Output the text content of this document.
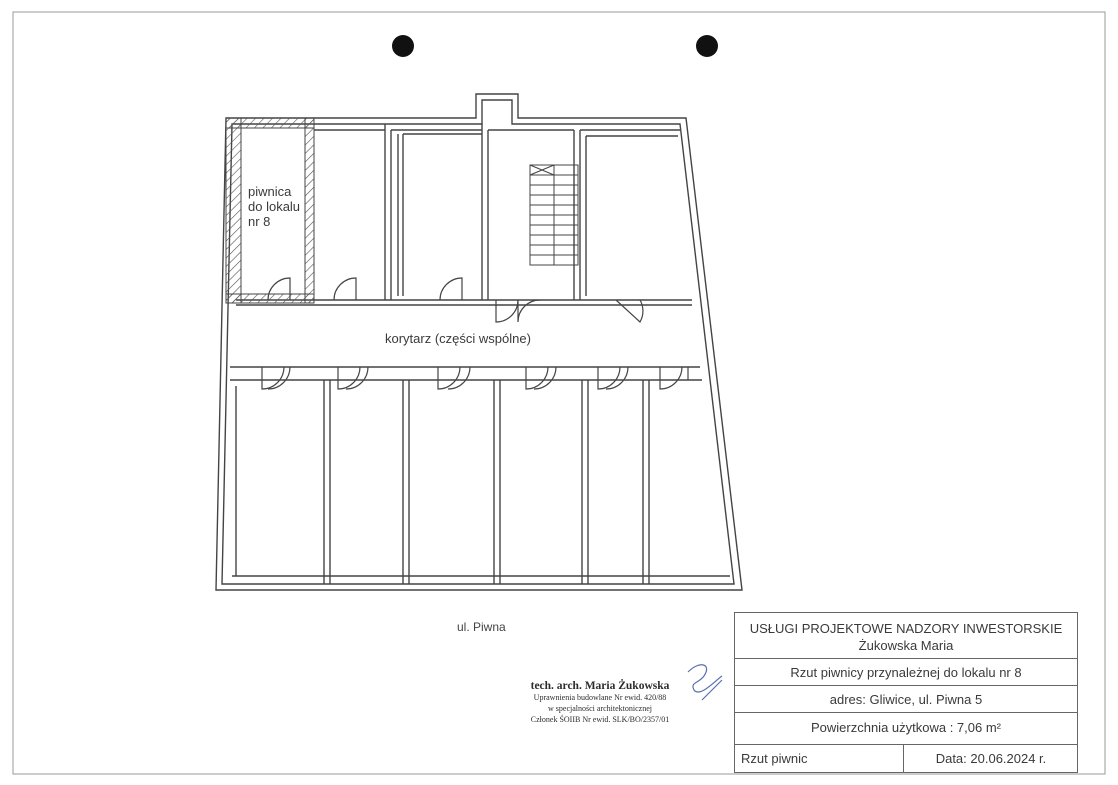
piwnica
do lokalu
nr 8
korytarz (części wspólne)
ul. Piwna
tech. arch. Maria Żukowska
Uprawnienia budowlane Nr ewid. 420/88
w specjalności architektonicznej
Członek ŚOIIB Nr ewid. SLK/BO/2357/01
USŁUGI PROJEKTOWE NADZORY INWESTORSKIE
Żukowska Maria
Rzut piwnicy przynależnej do lokalu nr 8
adres: Gliwice, ul. Piwna 5
Powierzchnia użytkowa : 7,06 m²
Rzut piwnic	Data: 20.06.2024 r.
